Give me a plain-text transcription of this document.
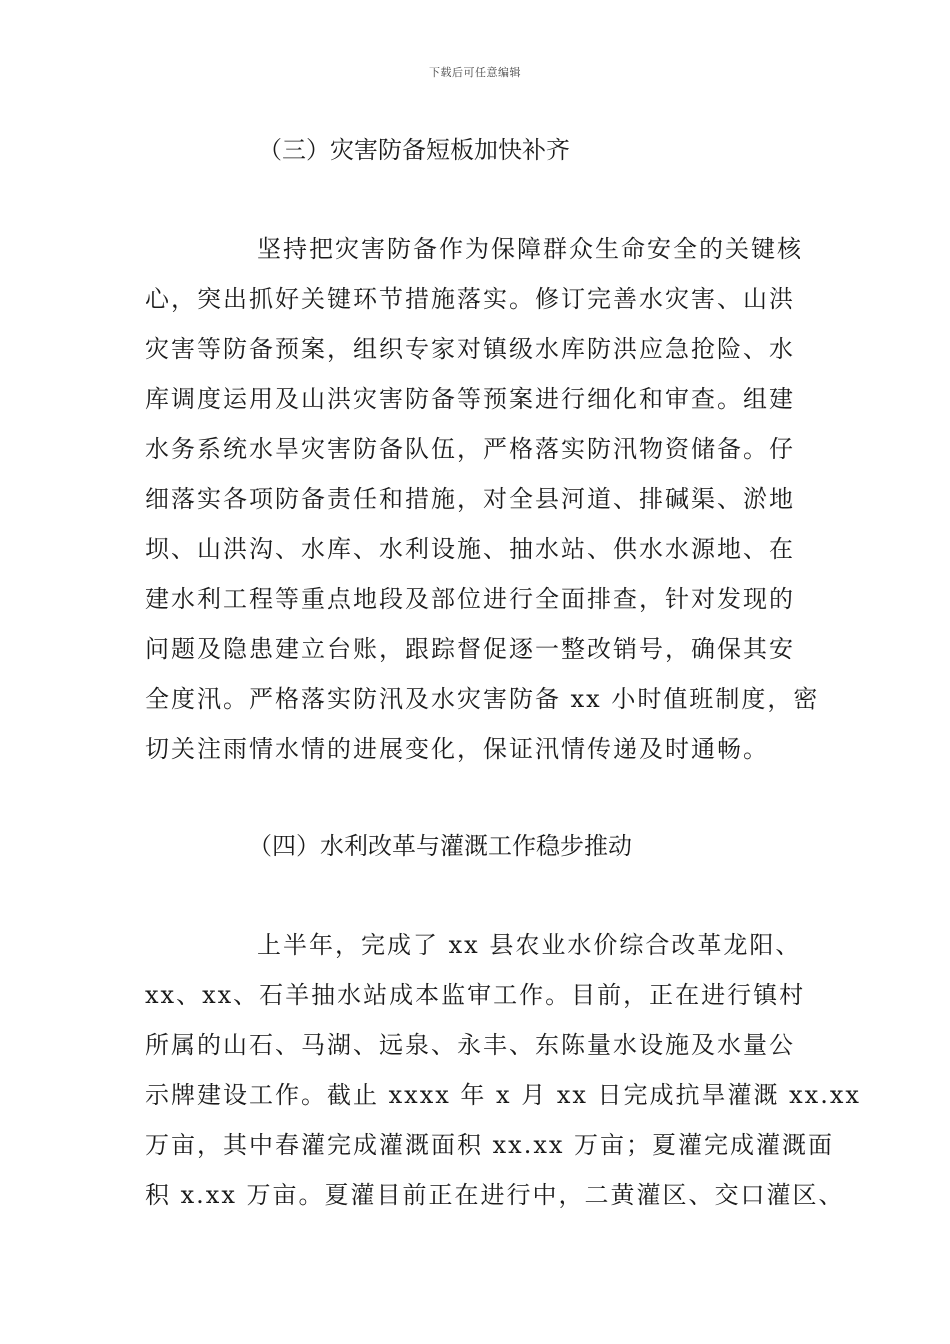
下载后可任意编辑
（三）灾害防备短板加快补齐
坚持把灾害防备作为保障群众生命安全的关键核
心，突出抓好关键环节措施落实。修订完善水灾害、山洪
灾害等防备预案，组织专家对镇级水库防洪应急抢险、水
库调度运用及山洪灾害防备等预案进行细化和审查。组建
水务系统水旱灾害防备队伍，严格落实防汛物资储备。仔
细落实各项防备责任和措施，对全县河道、排碱渠、淤地
坝、山洪沟、水库、水利设施、抽水站、供水水源地、在
建水利工程等重点地段及部位进行全面排查，针对发现的
问题及隐患建立台账，跟踪督促逐一整改销号，确保其安
全度汛。严格落实防汛及水灾害防备 xx 小时值班制度，密
切关注雨情水情的进展变化，保证汛情传递及时通畅。
（四）水利改革与灌溉工作稳步推动
上半年，完成了 xx 县农业水价综合改革龙阳、
xx、xx、石羊抽水站成本监审工作。目前，正在进行镇村
所属的山石、马湖、远泉、永丰、东陈量水设施及水量公
示牌建设工作。截止 xxxx 年 x 月 xx 日完成抗旱灌溉 xx.xx
万亩，其中春灌完成灌溉面积 xx.xx 万亩；夏灌完成灌溉面
积 x.xx 万亩。夏灌目前正在进行中，二黄灌区、交口灌区、
